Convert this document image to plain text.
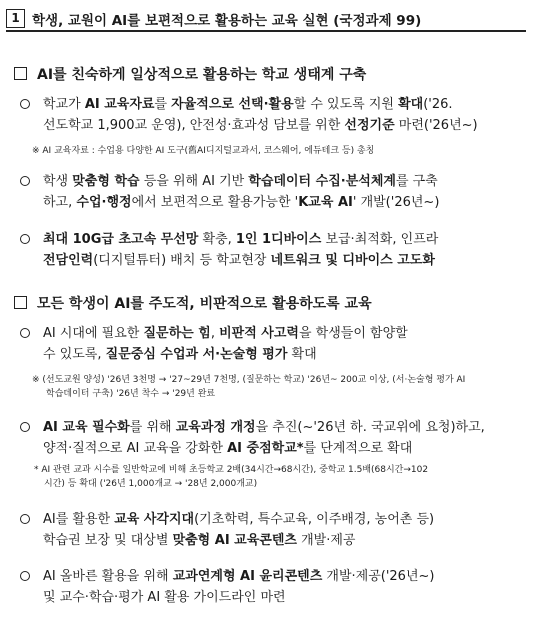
1 학생, 교원이 AI를 보편적으로 활용하는 교육 실현 (국정과제 99)
AI를 친숙하게 일상적으로 활용하는 학교 생태계 구축
학교가 AI 교육자료를 자율적으로 선택·활용할 수 있도록 지원 확대('26.
선도학교 1,900교 운영), 안전성·효과성 담보를 위한 선정기준 마련('26년~)
※ AI 교육자료 : 수업용 다양한 AI 도구(舊AI디지털교과서, 코스웨어, 에듀테크 등) 총칭
학생 맞춤형 학습 등을 위해 AI 기반 학습데이터 수집·분석체계를 구축
하고, 수업·행정에서 보편적으로 활용가능한 'K교육 AI' 개발('26년~)
최대 10G급 초고속 무선망 확충, 1인 1디바이스 보급·최적화, 인프라
전담인력(디지털튜터) 배치 등 학교현장 네트워크 및 디바이스 고도화
모든 학생이 AI를 주도적, 비판적으로 활용하도록 교육
AI 시대에 필요한 질문하는 힘, 비판적 사고력을 학생들이 함양할
수 있도록, 질문중심 수업과 서·논술형 평가 확대
※ (선도교원 양성) '26년 3천명 → '27~29년 7천명, (질문하는 학교) '26년~ 200교 이상, (서·논술형 평가 AI
학습데이터 구축) '26년 착수 → '29년 완료
AI 교육 필수화를 위해 교육과정 개정을 추진(~'26년 하. 국교위에 요청)하고,
양적·질적으로 AI 교육을 강화한 AI 중점학교*를 단계적으로 확대
* AI 관련 교과 시수를 일반학교에 비해 초등학교 2배(34시간→68시간), 중학교 1.5배(68시간→102
시간) 등 확대 ('26년 1,000개교 → '28년 2,000개교)
AI를 활용한 교육 사각지대(기초학력, 특수교육, 이주배경, 농어촌 등)
학습권 보장 및 대상별 맞춤형 AI 교육콘텐츠 개발·제공
AI 올바른 활용을 위해 교과연계형 AI 윤리콘텐츠 개발·제공('26년~)
및 교수·학습·평가 AI 활용 가이드라인 마련
